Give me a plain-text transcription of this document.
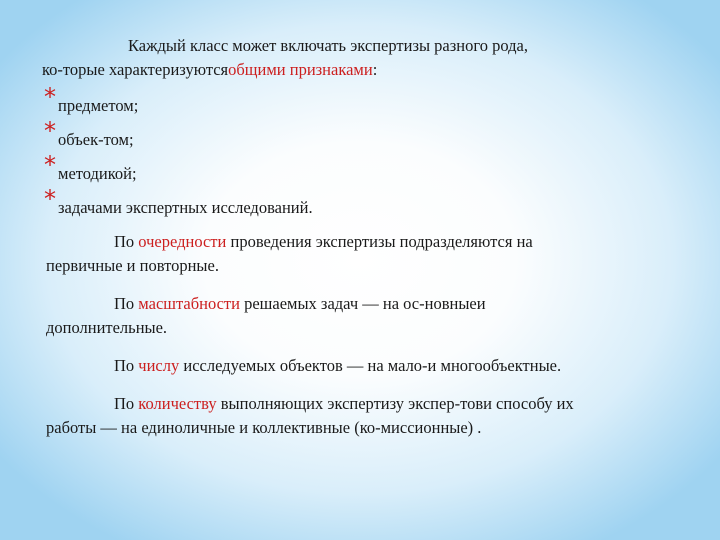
Каждый класс может включать экспертизы разного рода,
ко-торые характеризуютсяобщими признаками:

* предметом;
* объек-том;
* методикой;
* задачами экспертных исследований.

По очередности проведения экспертизы подразделяются на
первичные и повторные.

По масштабности решаемых задач — на ос-новныеи
дополнительные.

По числу исследуемых объектов — на мало-и многообъектные.

По количеству выполняющих экспертизу экспер-тови способу их
работы — на единоличные и коллективные (ко-миссионные) .
